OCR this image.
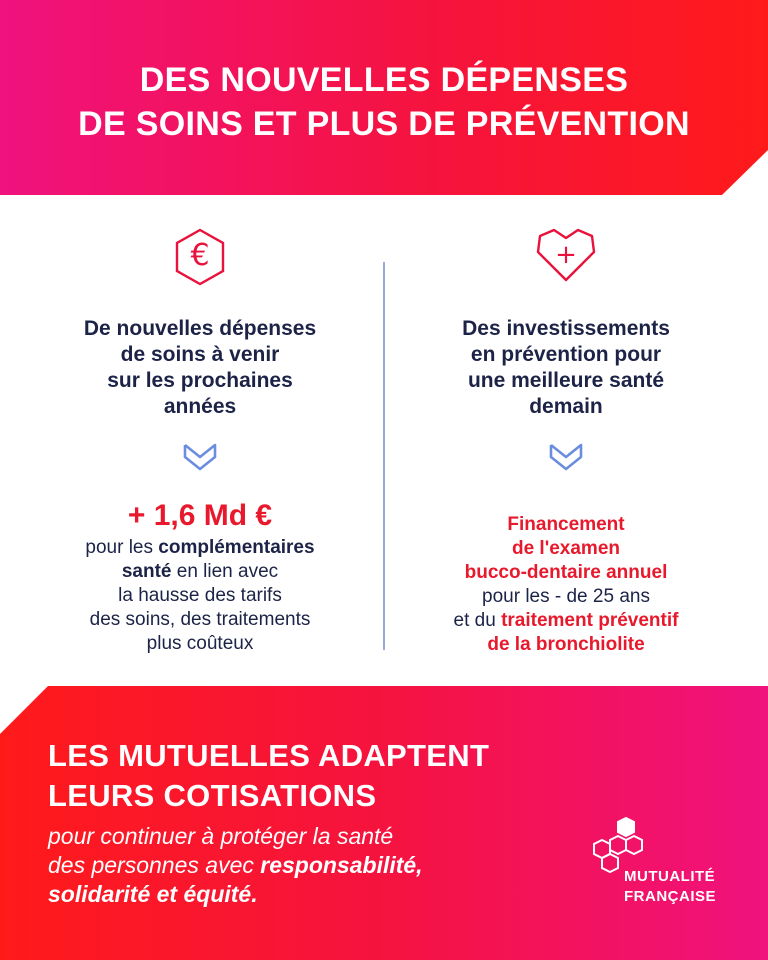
DES NOUVELLES DÉPENSES
DE SOINS ET PLUS DE PRÉVENTION
€

De nouvelles dépenses
de soins à venir
sur les prochaines
années

+ 1,6 Md €

pour les complémentaires
santé en lien avec
la hausse des tarifs
des soins, des traitements
plus coûteux

+

Des investissements
en prévention pour
une meilleure santé
demain

Financement
de l'examen
bucco-dentaire annuel
pour les - de 25 ans
et du traitement préventif
de la bronchiolite

LES MUTUELLES ADAPTENT
LEURS COTISATIONS

pour continuer à protéger la santé
des personnes avec responsabilité,
solidarité et équité.

MUTUALITÉ
FRANÇAISE
